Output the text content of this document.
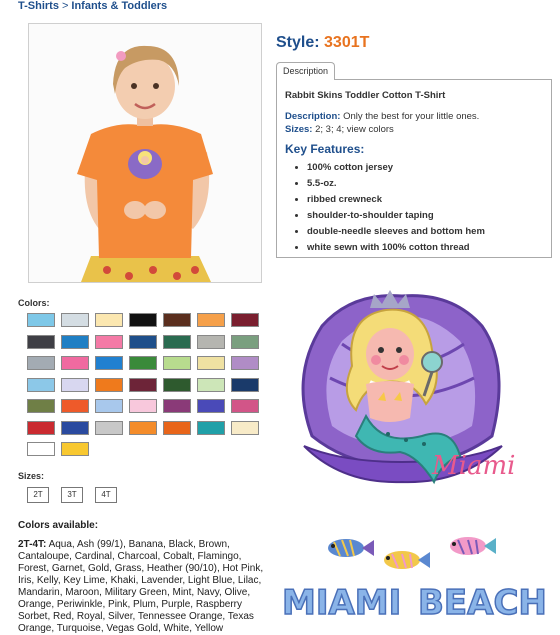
T-Shirts > Infants & Toddlers
Style: 3301T
Description
Rabbit Skins Toddler Cotton T-Shirt
Description: Only the best for your little ones.
Sizes: 2; 3; 4; view colors
Key Features:
• 100% cotton jersey
• 5.5-oz.
• ribbed crewneck
• shoulder-to-shoulder taping
• double-needle sleeves and bottom hem
• white sewn with 100% cotton thread
Colors:
Sizes:
2T	3T	4T
Colors available:
2T-4T: Aqua, Ash (99/1), Banana, Black, Brown, Cantaloupe, Cardinal, Charcoal, Cobalt, Flamingo, Forest, Garnet, Gold, Grass, Heather (90/10), Hot Pink, Iris, Kelly, Key Lime, Khaki, Lavender, Light Blue, Lilac, Mandarin, Maroon, Military Green, Mint, Navy, Olive, Orange, Periwinkle, Pink, Plum, Purple, Raspberry Sorbet, Red, Royal, Silver, Tennessee Orange, Texas Orange, Turquoise, Vegas Gold, White, Yellow
Miami
MIAMI BEACH
